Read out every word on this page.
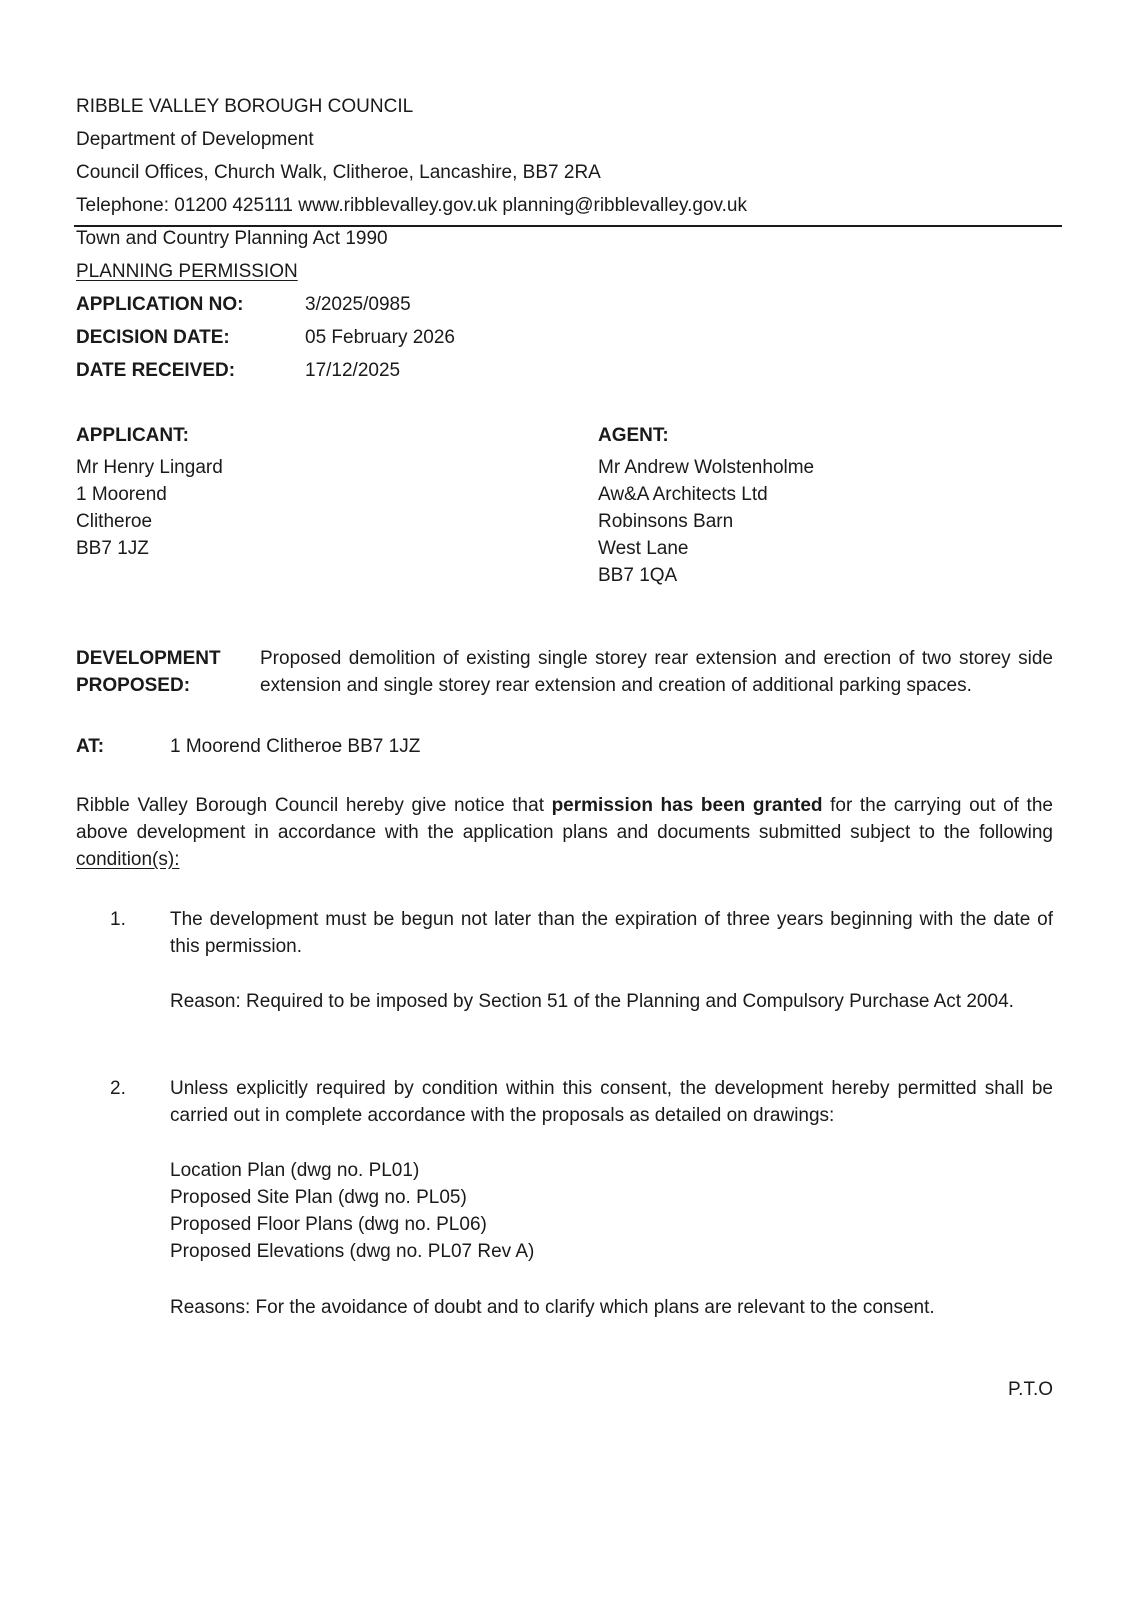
RIBBLE VALLEY BOROUGH COUNCIL
Department of Development
Council Offices, Church Walk, Clitheroe, Lancashire, BB7 2RA
Telephone: 01200 425111 www.ribblevalley.gov.uk planning@ribblevalley.gov.uk
Town and Country Planning Act 1990
PLANNING PERMISSION
APPLICATION NO:	3/2025/0985
DECISION DATE:	05 February 2026
DATE RECEIVED:	17/12/2025
APPLICANT:
Mr Henry Lingard
1 Moorend
Clitheroe
BB7 1JZ
AGENT:
Mr Andrew Wolstenholme
Aw&A Architects Ltd
Robinsons Barn
West Lane
BB7 1QA
DEVELOPMENT
PROPOSED:
Proposed demolition of existing single storey rear extension and erection of two storey side extension and single storey rear extension and creation of additional parking spaces.
AT:	1 Moorend Clitheroe BB7 1JZ
Ribble Valley Borough Council hereby give notice that permission has been granted for the carrying out of the above development in accordance with the application plans and documents submitted subject to the following condition(s):
1. The development must be begun not later than the expiration of three years beginning with the date of this permission.
Reason: Required to be imposed by Section 51 of the Planning and Compulsory Purchase Act 2004.
2. Unless explicitly required by condition within this consent, the development hereby permitted shall be carried out in complete accordance with the proposals as detailed on drawings:
Location Plan (dwg no. PL01)
Proposed Site Plan (dwg no. PL05)
Proposed Floor Plans (dwg no. PL06)
Proposed Elevations (dwg no. PL07 Rev A)
Reasons: For the avoidance of doubt and to clarify which plans are relevant to the consent.
P.T.O
